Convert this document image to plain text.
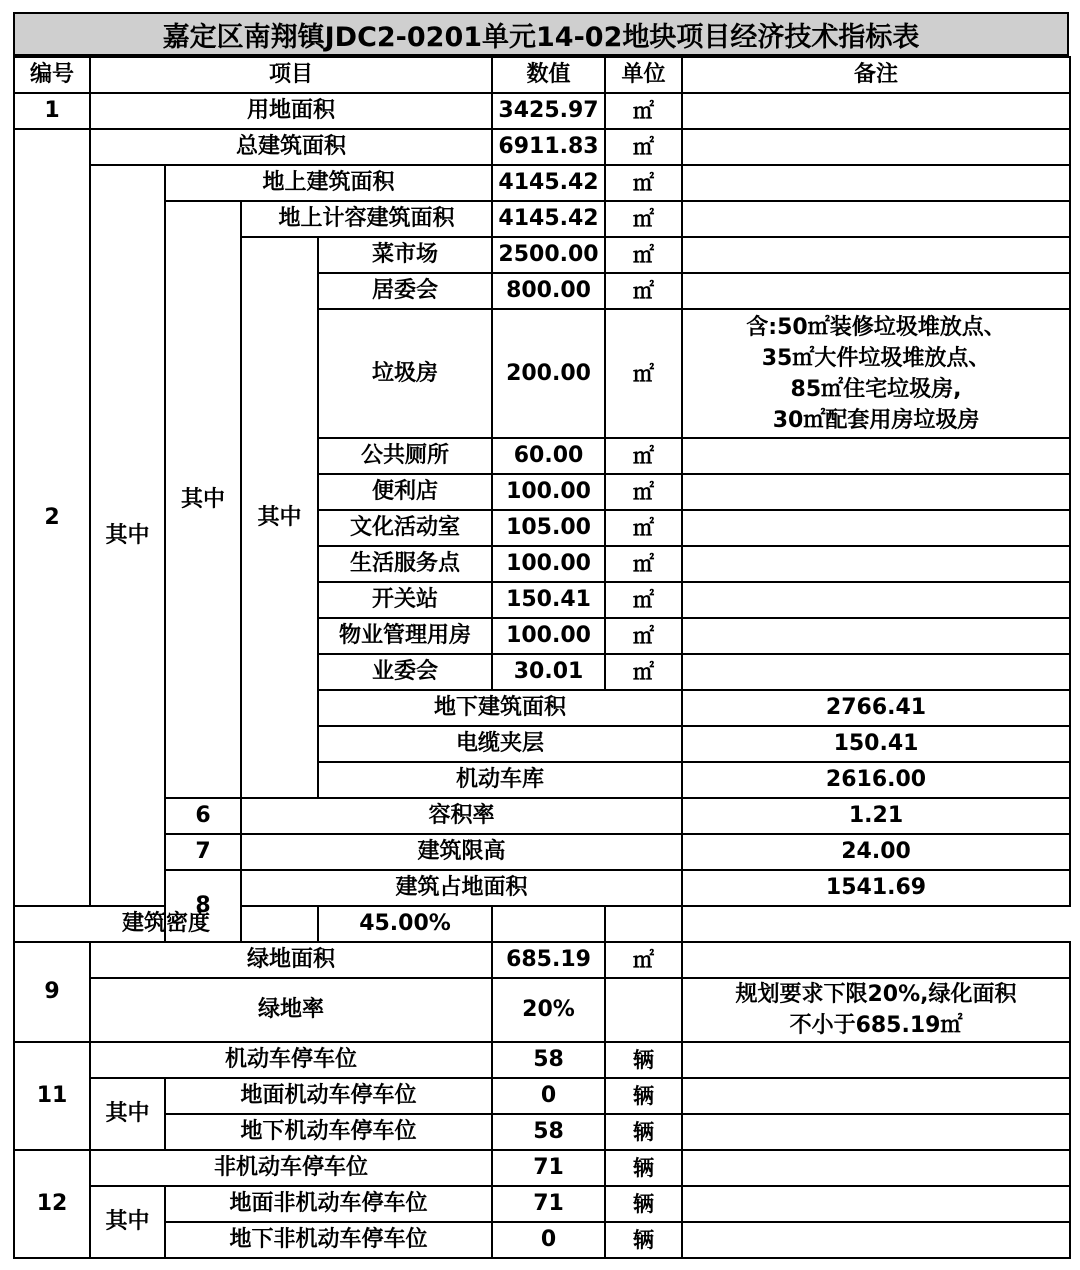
嘉定区南翔镇JDC2-0201单元14-02地块项目经济技术指标表
编号	项目				数值	单位	备注	
1	用地面积				3425.97	㎡		
2	总建筑面积				6911.83	㎡		
	其中	地上建筑面积			4145.42	㎡		
		其中	地上计容建筑面积		4145.42	㎡		
			其中	菜市场	2500.00	㎡		
				居委会	800.00	㎡		
				垃圾房	200.00	㎡	含:50㎡装修垃圾堆放点、
35㎡大件垃圾堆放点、
85㎡住宅垃圾房,
30㎡配套用房垃圾房	

				公共厕所	60.00	㎡		
				便利店	100.00	㎡		
				文化活动室	105.00	㎡		
				生活服务点	100.00	㎡		
				开关站	150.41	㎡		
				物业管理用房	100.00	㎡		
				业委会	30.01	㎡		
				地下建筑面积			2766.41		
				电缆夹层			150.41		
				机动车库			2616.00		
		6	容积率				1.21		
		7	建筑限高				24.00		
		8	建筑占地面积				1541.69		
建筑密度				45.00%				
9	绿地面积				685.19	㎡		
	绿地率				20%		规划要求下限20%,绿化面积
不小于685.19㎡	

11	机动车停车位				58	辆		
	其中	地面机动车停车位			0	辆		
		地下机动车停车位			58	辆		
12	非机动车停车位				71	辆		
	其中	地面非机动车停车位			71	辆		
		地下非机动车停车位			0	辆		
